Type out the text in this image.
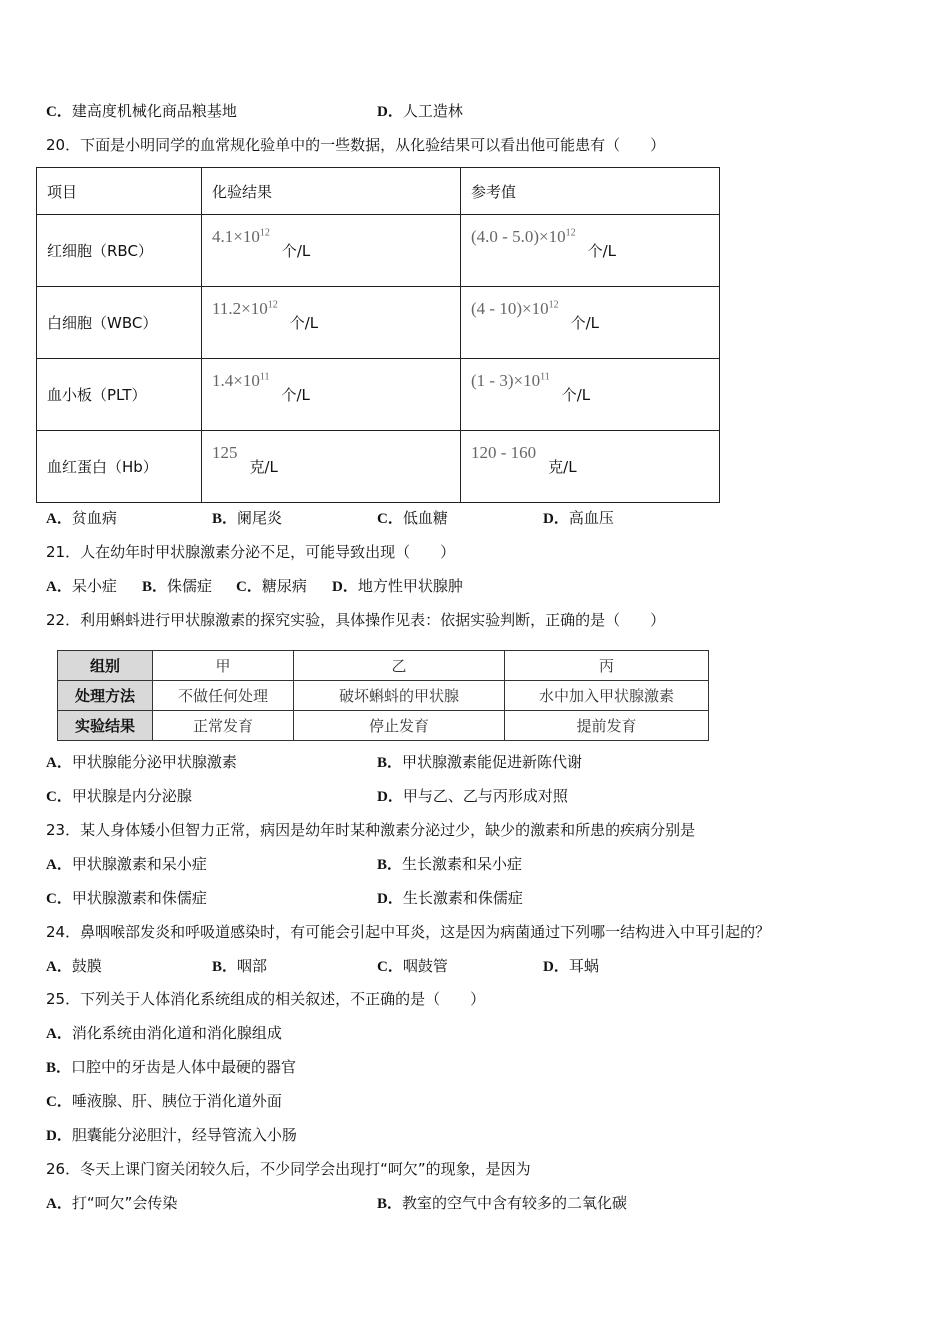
C．建高度机械化商品粮基地	D．人工造林
20．下面是小明同学的血常规化验单中的一些数据，从化验结果可以看出他可能患有（　　）
项目	化验结果	参考值
红细胞（RBC）	$4.1\times 10^{12}$个/L	$(4.0 - 5.0)\times 10^{12}$个/L
白细胞（WBC）	$11.2\times 10^{12}$个/L	$(4 - 10)\times 10^{12}$个/L
血小板（PLT）	$1.4\times 10^{11}$个/L	$(1 - 3)\times 10^{11}$个/L
血红蛋白（Hb）	125克/L	120 - 160克/L
A．贫血病	B．阑尾炎	C．低血糖	D．高血压
21．人在幼年时甲状腺激素分泌不足，可能导致出现（　　）
A．呆小症 B．侏儒症 C．糖尿病 D．地方性甲状腺肿
22．利用蝌蚪进行甲状腺激素的探究实验，具体操作见表：依据实验判断，正确的是（　　）
组别	甲	乙	丙
处理方法	不做任何处理	破坏蝌蚪的甲状腺	水中加入甲状腺激素
实验结果	正常发育	停止发育	提前发育
A．甲状腺能分泌甲状腺激素	B．甲状腺激素能促进新陈代谢
C．甲状腺是内分泌腺	D．甲与乙、乙与丙形成对照
23．某人身体矮小但智力正常，病因是幼年时某种激素分泌过少，缺少的激素和所患的疾病分别是
A．甲状腺激素和呆小症	B．生长激素和呆小症
C．甲状腺激素和侏儒症	D．生长激素和侏儒症
24．鼻咽喉部发炎和呼吸道感染时，有可能会引起中耳炎，这是因为病菌通过下列哪一结构进入中耳引起的？
A．鼓膜	B．咽部	C．咽鼓管	D．耳蜗
25．下列关于人体消化系统组成的相关叙述，不正确的是（　　）
A．消化系统由消化道和消化腺组成
B．口腔中的牙齿是人体中最硬的器官
C．唾液腺、肝、胰位于消化道外面
D．胆囊能分泌胆汁，经导管流入小肠
26．冬天上课门窗关闭较久后，不少同学会出现打“呵欠”的现象，是因为
A．打“呵欠”会传染	B．教室的空气中含有较多的二氧化碳
